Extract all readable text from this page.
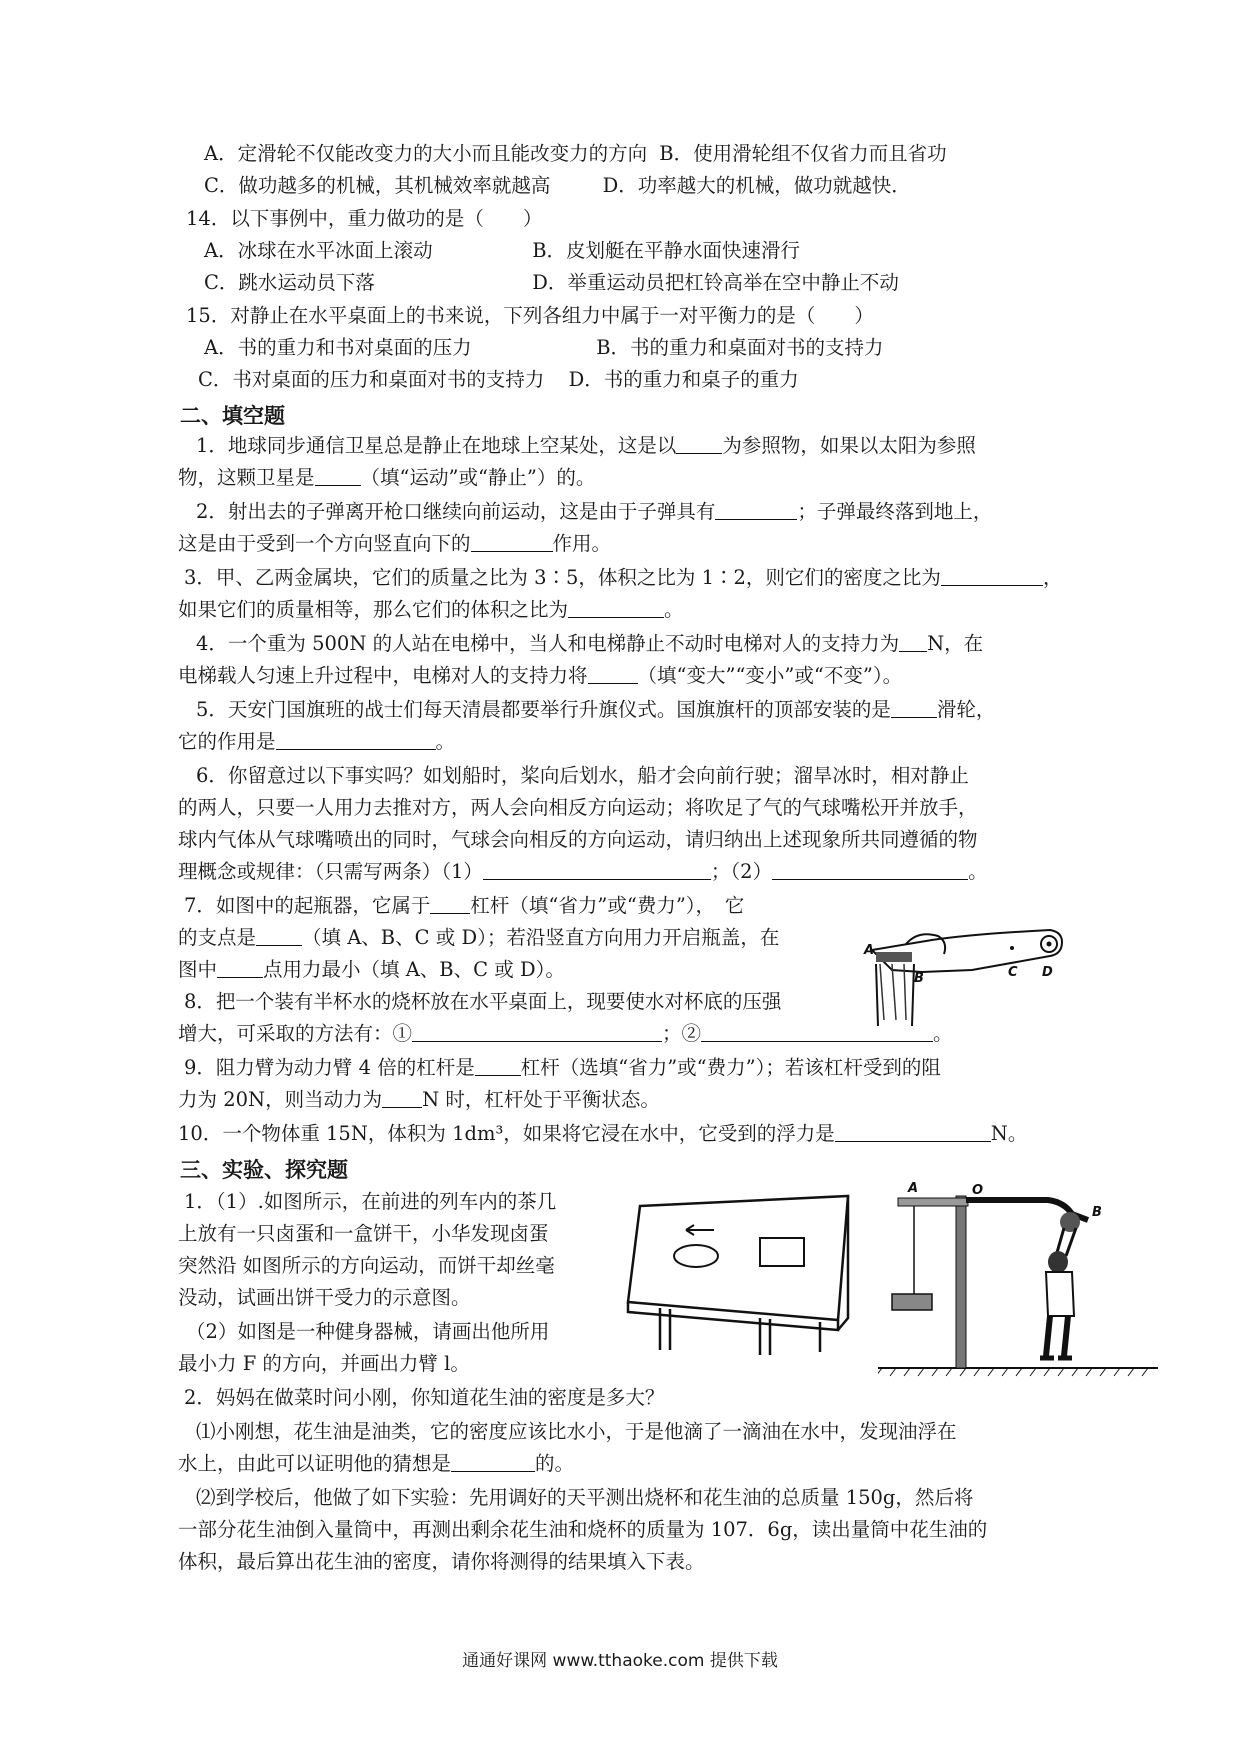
A．定滑轮不仅能改变力的大小而且能改变力的方向 B．使用滑轮组不仅省力而且省功
C．做功越多的机械，其机械效率就越高	D．功率越大的机械，做功就越快．
14．以下事例中，重力做功的是（　　）
A．冰球在水平冰面上滚动	B．皮划艇在平静水面快速滑行
C．跳水运动员下落	D．举重运动员把杠铃高举在空中静止不动
15．对静止在水平桌面上的书来说，下列各组力中属于一对平衡力的是（　　）
A．书的重力和书对桌面的压力	B．书的重力和桌面对书的支持力
C．书对桌面的压力和桌面对书的支持力 D．书的重力和桌子的重力
二、填空题
1．地球同步通信卫星总是静止在地球上空某处，这是以 为参照物，如果以太阳为参照
物，这颗卫星是 （填“运动”或“静止”）的。
2．射出去的子弹离开枪口继续向前运动，这是由于子弹具有	；子弹最终落到地上，
这是由于受到一个方向竖直向下的	作用。
3．甲、乙两金属块，它们的质量之比为 3∶5，体积之比为 1∶2，则它们的密度之比为	，
如果它们的质量相等，那么它们的体积之比为	。
4．一个重为 500N 的人站在电梯中，当人和电梯静止不动时电梯对人的支持力为 N，在
电梯载人匀速上升过程中，电梯对人的支持力将	（填“变大”“变小”或“不变”）。
5．天安门国旗班的战士们每天清晨都要举行升旗仪式。国旗旗杆的顶部安装的是 滑轮，
它的作用是	。
6．你留意过以下事实吗？如划船时，桨向后划水，船才会向前行驶；溜旱冰时，相对静止
的两人，只要一人用力去推对方，两人会向相反方向运动；将吹足了气的气球嘴松开并放手，
球内气体从气球嘴喷出的同时，气球会向相反的方向运动，请归纳出上述现象所共同遵循的物
理概念或规律：（只需写两条）（1）	；（2）	。
7．如图中的起瓶器，它属于 杠杆（填“省力”或“费力”），　它
的支点是 （填 A、B、C 或 D）；若沿竖直方向用力开启瓶盖，在
图中 点用力最小（填 A、B、C 或 D）。
8．把一个装有半杯水的烧杯放在水平桌面上，现要使水对杯底的压强
增大，可采取的方法有：①	；②	。
9．阻力臂为动力臂 4 倍的杠杆是 杠杆（选填“省力”或“费力”）；若该杠杆受到的阻
力为 20N，则当动力为 N 时，杠杆处于平衡状态。
10．一个物体重 15N，体积为 1dm³，如果将它浸在水中，它受到的浮力是	N。
三、实验、探究题
1．（1）.如图所示，在前进的列车内的茶几
上放有一只卤蛋和一盒饼干，小华发现卤蛋
突然沿 如图所示的方向运动，而饼干却丝毫
没动，试画出饼干受力的示意图。
（2）如图是一种健身器械，请画出他所用
最小力 F 的方向，并画出力臂 l。
2．妈妈在做菜时问小刚，你知道花生油的密度是多大？
⑴小刚想，花生油是油类，它的密度应该比水小，于是他滴了一滴油在水中，发现油浮在
水上，由此可以证明他的猜想是	的。
⑵到学校后，他做了如下实验：先用调好的天平测出烧杯和花生油的总质量 150g，然后将
一部分花生油倒入量筒中，再测出剩余花生油和烧杯的质量为 107．6g，读出量筒中花生油的
体积，最后算出花生油的密度，请你将测得的结果填入下表。
A
B	C D
A	O
B
通通好课网 www.tthaoke.com 提供下载
